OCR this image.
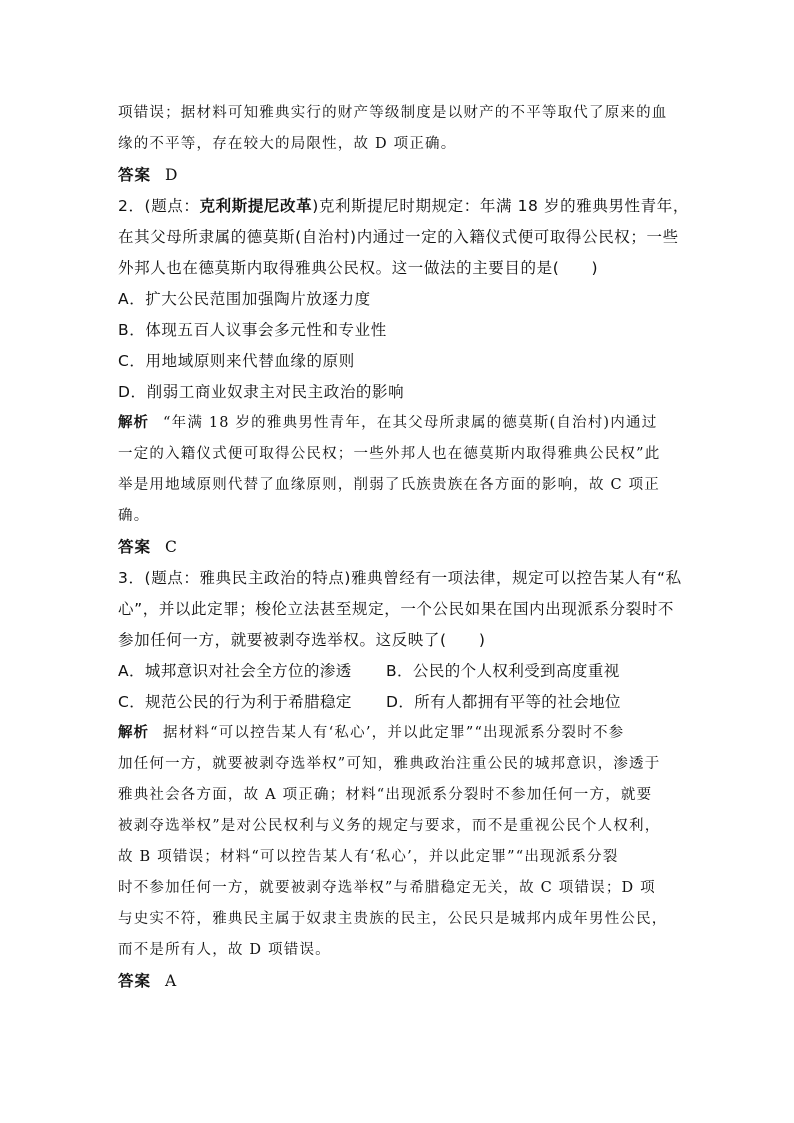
项错误；据材料可知雅典实行的财产等级制度是以财产的不平等取代了原来的血
缘的不平等，存在较大的局限性，故 D 项正确。
答案 D
2．(题点：克利斯提尼改革)克利斯提尼时期规定：年满 18 岁的雅典男性青年，
在其父母所隶属的德莫斯(自治村)内通过一定的入籍仪式便可取得公民权；一些
外邦人也在德莫斯内取得雅典公民权。这一做法的主要目的是(　　)
A．扩大公民范围加强陶片放逐力度
B．体现五百人议事会多元性和专业性
C．用地域原则来代替血缘的原则
D．削弱工商业奴隶主对民主政治的影响
解析 “年满 18 岁的雅典男性青年，在其父母所隶属的德莫斯(自治村)内通过
一定的入籍仪式便可取得公民权；一些外邦人也在德莫斯内取得雅典公民权”此
举是用地域原则代替了血缘原则，削弱了氏族贵族在各方面的影响，故 C 项正
确。
答案 C
3．(题点：雅典民主政治的特点)雅典曾经有一项法律，规定可以控告某人有“私
心”，并以此定罪；梭伦立法甚至规定，一个公民如果在国内出现派系分裂时不
参加任何一方，就要被剥夺选举权。这反映了(　　)
A．城邦意识对社会全方位的渗透	B．公民的个人权利受到高度重视
C．规范公民的行为利于希腊稳定	D．所有人都拥有平等的社会地位
解析 据材料“可以控告某人有‘私心’，并以此定罪”“出现派系分裂时不参
加任何一方，就要被剥夺选举权”可知，雅典政治注重公民的城邦意识，渗透于
雅典社会各方面，故 A 项正确；材料“出现派系分裂时不参加任何一方，就要
被剥夺选举权”是对公民权利与义务的规定与要求，而不是重视公民个人权利，
故 B 项错误；材料“可以控告某人有‘私心’，并以此定罪”“出现派系分裂
时不参加任何一方，就要被剥夺选举权”与希腊稳定无关，故 C 项错误；D 项
与史实不符，雅典民主属于奴隶主贵族的民主，公民只是城邦内成年男性公民，
而不是所有人，故 D 项错误。
答案 A
